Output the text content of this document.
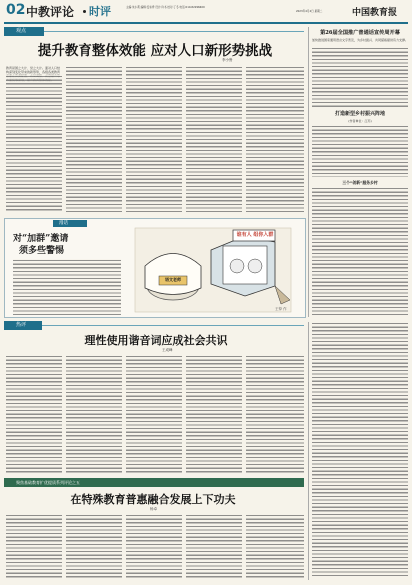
02 中教评论 时评	主编:朱小莉 编辑:安东秀 设计:许书 校对:丁冬 电话:010-82296609
2023年4月4日 星期二	中国教育报
观点
提升教育整体效能 应对人口新形势挑战
李小鲁
教育是国之大计、党之大计。面对人口结构深刻变化带来的新形势，各级各类教育
第26届全国推广普通话宣传周开幕
加快推进国家通用语言文字普及，为乡村振兴、共同富裕提供有力支撑。
打造新型乡村振兴阵地
(作者单位：江苏)
三个“创新”服务乡村
漫话
对“加群”邀请
须多些警惕
谁有人 组你入群
语文老师
王铎 作
热评
理性使用谐音词应成社会共识
王成峰
聚焦基础教育扩优提质系列评论之五
在特殊教育普惠融合发展上下功夫
杨卓
